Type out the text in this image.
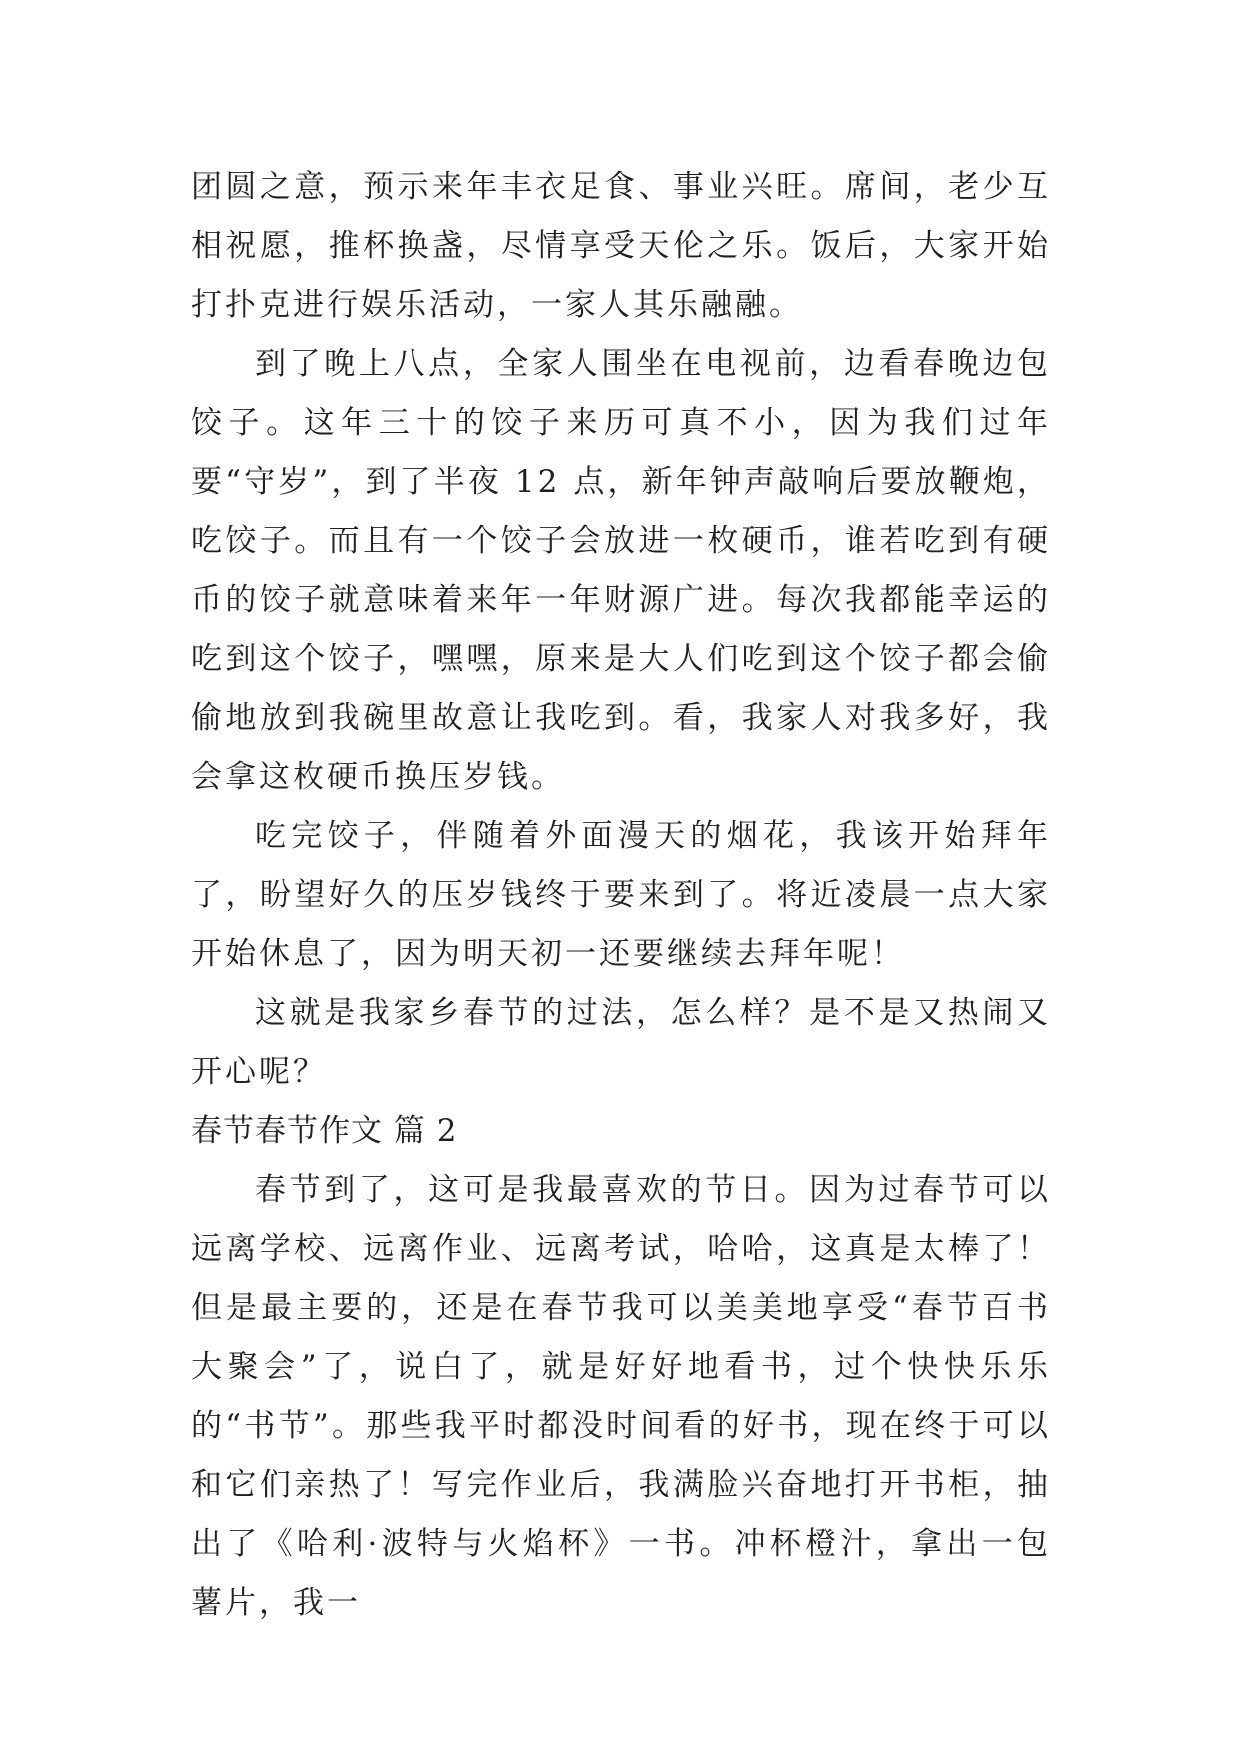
团圆之意，预示来年丰衣足食、事业兴旺。席间，老少互相祝愿，推杯换盏，尽情享受天伦之乐。饭后，大家开始打扑克进行娱乐活动，一家人其乐融融。

到了晚上八点，全家人围坐在电视前，边看春晚边包饺子。这年三十的饺子来历可真不小，因为我们过年要“守岁”，到了半夜 12 点，新年钟声敲响后要放鞭炮，吃饺子。而且有一个饺子会放进一枚硬币，谁若吃到有硬币的饺子就意味着来年一年财源广进。每次我都能幸运的吃到这个饺子，嘿嘿，原来是大人们吃到这个饺子都会偷偷地放到我碗里故意让我吃到。看，我家人对我多好，我会拿这枚硬币换压岁钱。

吃完饺子，伴随着外面漫天的烟花，我该开始拜年了，盼望好久的压岁钱终于要来到了。将近凌晨一点大家开始休息了，因为明天初一还要继续去拜年呢！

这就是我家乡春节的过法，怎么样？是不是又热闹又开心呢？

春节春节作文 篇 2

春节到了，这可是我最喜欢的节日。因为过春节可以远离学校、远离作业、远离考试，哈哈，这真是太棒了！但是最主要的，还是在春节我可以美美地享受“春节百书大聚会”了，说白了，就是好好地看书，过个快快乐乐的“书节”。那些我平时都没时间看的好书，现在终于可以和它们亲热了！写完作业后，我满脸兴奋地打开书柜，抽出了《哈利·波特与火焰杯》一书。冲杯橙汁，拿出一包薯片，我一
